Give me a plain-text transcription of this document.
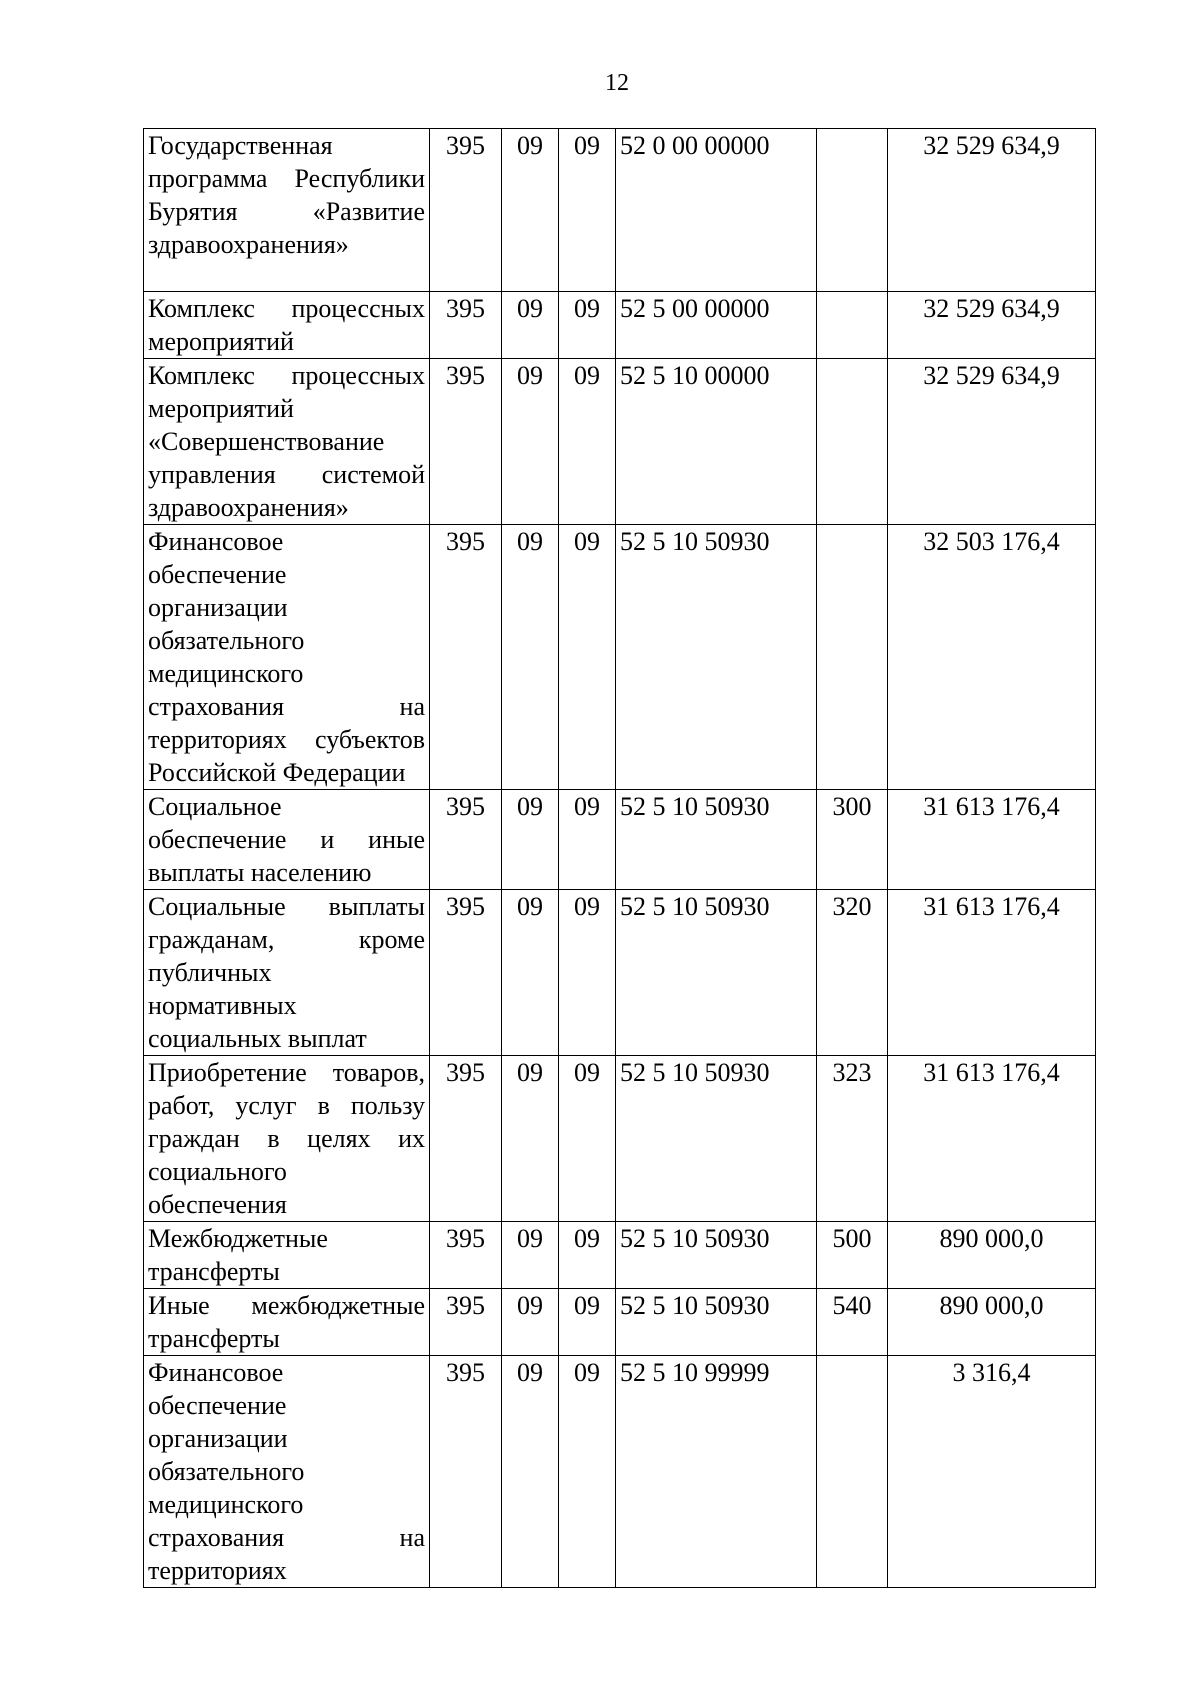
12
Государственная программа Республики Бурятия «Развитие здравоохранения»	395	09	09	52 0 00 00000		32 529 634,9
Комплекс процессных мероприятий	395	09	09	52 5 00 00000		32 529 634,9
Комплекс процессных мероприятий «Совершенствование управления системой здравоохранения»	395	09	09	52 5 10 00000		32 529 634,9
Финансовое обеспечение организации обязательного медицинского страхования на территориях субъектов Российской Федерации	395	09	09	52 5 10 50930		32 503 176,4
Социальное обеспечение и иные выплаты населению	395	09	09	52 5 10 50930	300	31 613 176,4
Социальные выплаты гражданам, кроме публичных нормативных социальных выплат	395	09	09	52 5 10 50930	320	31 613 176,4
Приобретение товаров, работ, услуг в пользу граждан в целях их социального обеспечения	395	09	09	52 5 10 50930	323	31 613 176,4
Межбюджетные трансферты	395	09	09	52 5 10 50930	500	890 000,0
Иные межбюджетные трансферты	395	09	09	52 5 10 50930	540	890 000,0
Финансовое обеспечение организации обязательного медицинского страхования на территориях	395	09	09	52 5 10 99999		3 316,4
